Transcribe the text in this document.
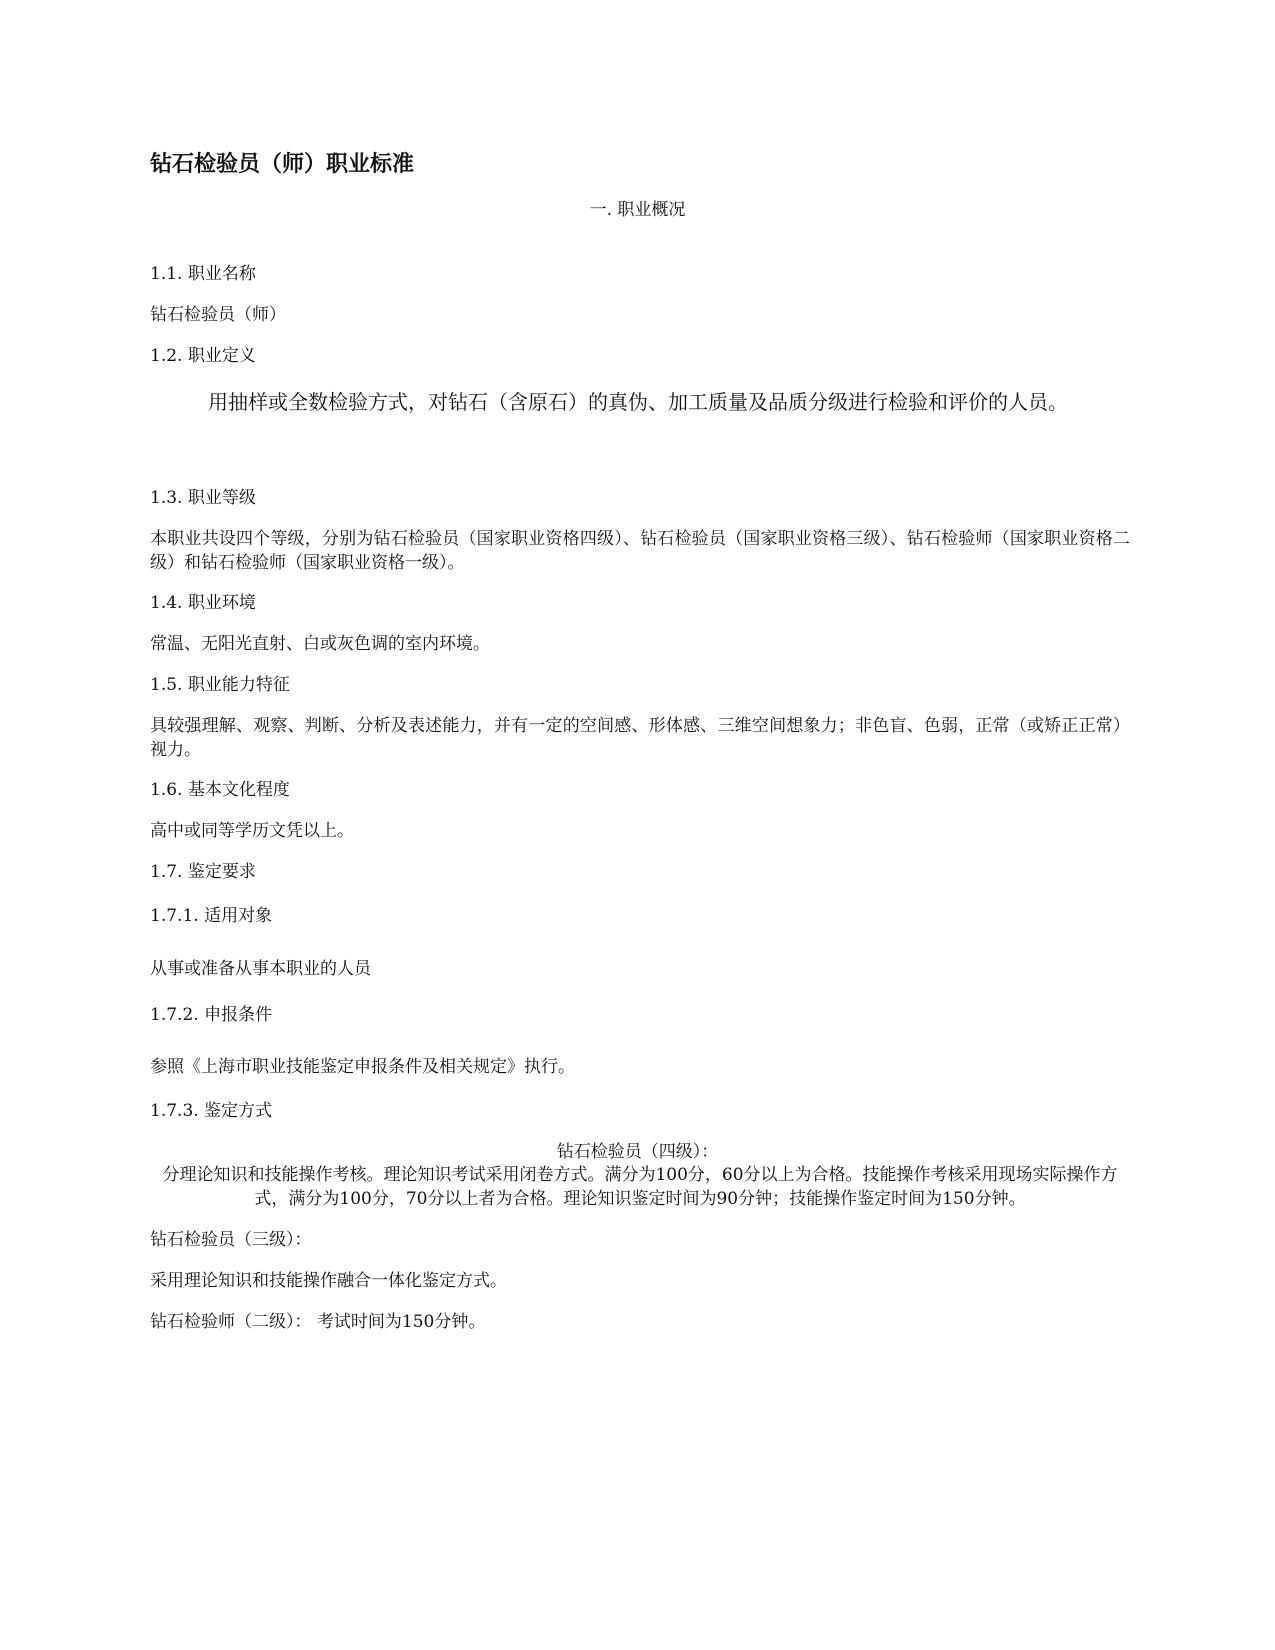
钻石检验员（师）职业标准
一. 职业概况
1.1. 职业名称
钻石检验员（师）
1.2. 职业定义
用抽样或全数检验方式，对钻石（含原石）的真伪、加工质量及品质分级进行检验和评价的人员。
1.3. 职业等级
本职业共设四个等级，分别为钻石检验员（国家职业资格四级）、钻石检验员（国家职业资格三级）、钻石检验师（国家职业资格二级）和钻石检验师（国家职业资格一级）。
1.4. 职业环境
常温、无阳光直射、白或灰色调的室内环境。
1.5. 职业能力特征
具较强理解、观察、判断、分析及表述能力，并有一定的空间感、形体感、三维空间想象力；非色盲、色弱，正常（或矫正正常）视力。
1.6. 基本文化程度
高中或同等学历文凭以上。
1.7. 鉴定要求
1.7.1. 适用对象
从事或准备从事本职业的人员
1.7.2. 申报条件
参照《上海市职业技能鉴定申报条件及相关规定》执行。
1.7.3. 鉴定方式
钻石检验员（四级）：
分理论知识和技能操作考核。理论知识考试采用闭卷方式。满分为100分，60分以上为合格。技能操作考核采用现场实际操作方式，满分为100分，70分以上者为合格。理论知识鉴定时间为90分钟；技能操作鉴定时间为150分钟。
钻石检验员（三级）：
采用理论知识和技能操作融合一体化鉴定方式。
钻石检验师（二级）： 考试时间为150分钟。
